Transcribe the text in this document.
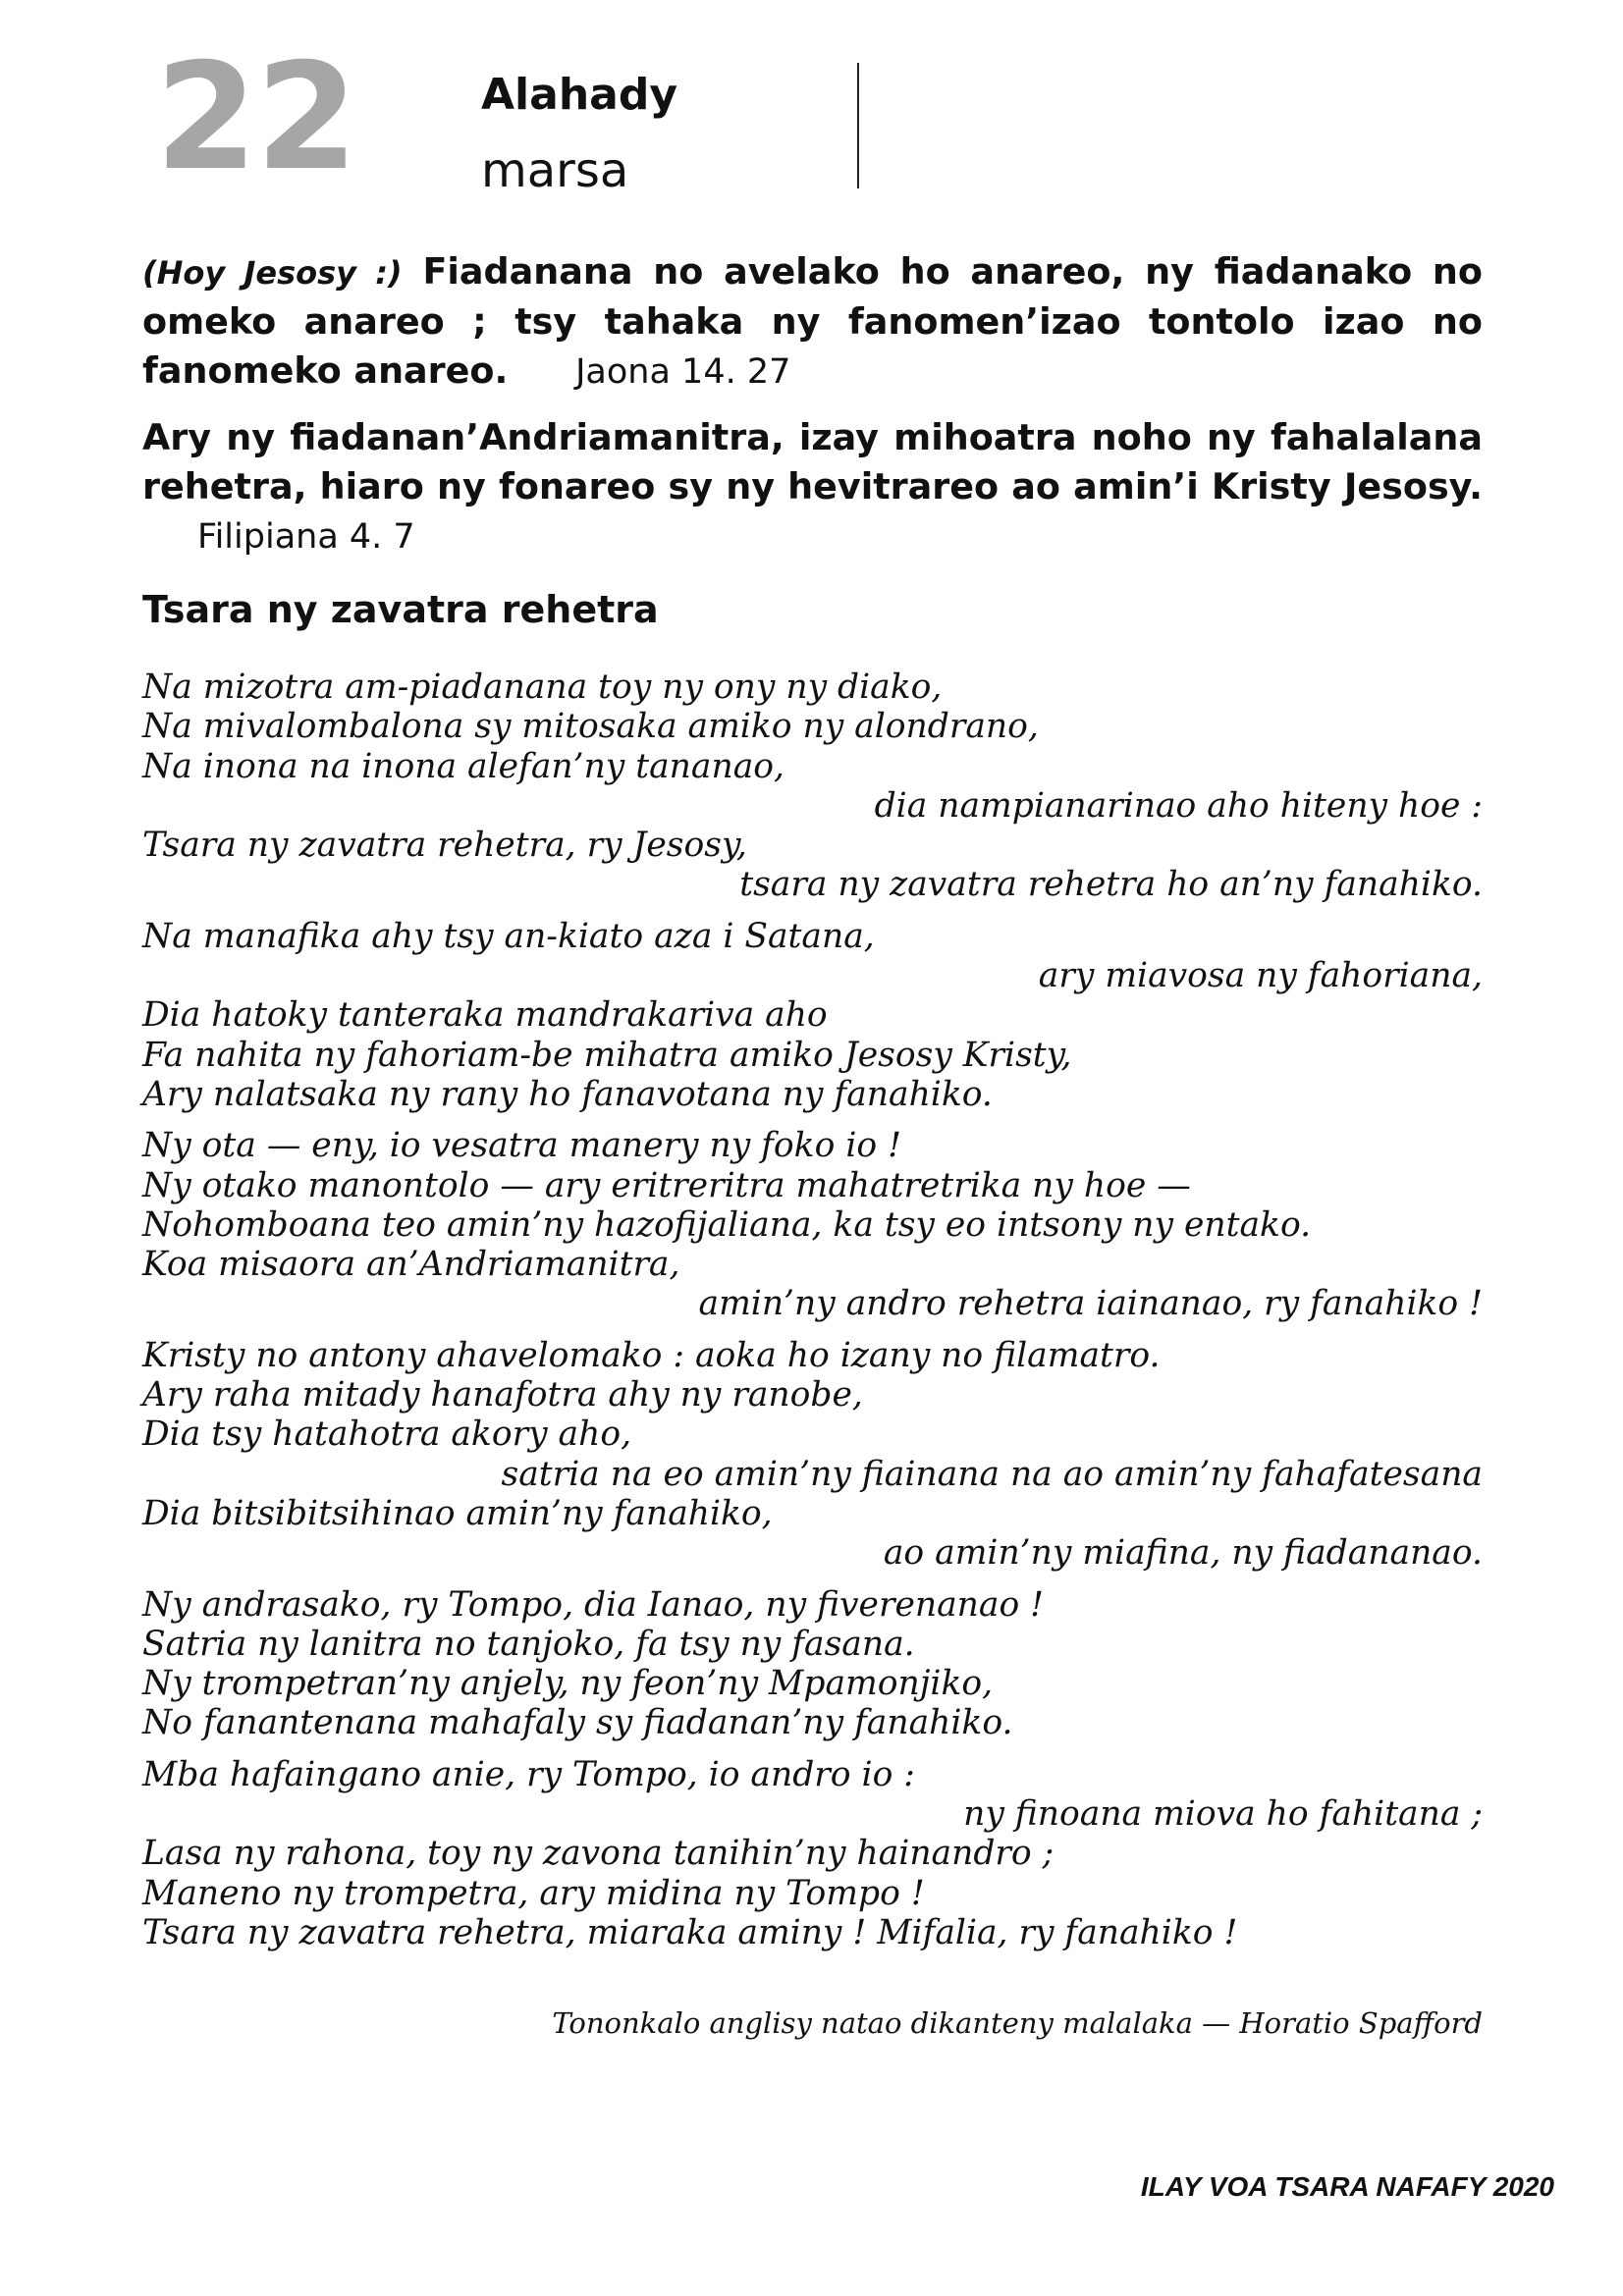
22	Alahady
marsa
(Hoy Jesosy :) Fiadanana no avelako ho anareo, ny fiadanako no omeko anareo ; tsy tahaka ny fanomen’izao tontolo izao no fanomeko anareo. Jaona 14. 27
Ary ny fiadanan’Andriamanitra, izay mihoatra noho ny fahalalana rehetra, hiaro ny fonareo sy ny hevitrareo ao amin’i Kristy Jesosy. Filipiana 4. 7
Tsara ny zavatra rehetra
Na mizotra am-piadanana toy ny ony ny diako,
Na mivalombalona sy mitosaka amiko ny alondrano,
Na inona na inona alefan’ny tananao,
dia nampianarinao aho hiteny hoe :
Tsara ny zavatra rehetra, ry Jesosy,
tsara ny zavatra rehetra ho an’ny fanahiko.
Na manafika ahy tsy an-kiato aza i Satana,
ary miavosa ny fahoriana,
Dia hatoky tanteraka mandrakariva aho
Fa nahita ny fahoriam-be mihatra amiko Jesosy Kristy,
Ary nalatsaka ny rany ho fanavotana ny fanahiko.
Ny ota — eny, io vesatra manery ny foko io !
Ny otako manontolo — ary eritreritra mahatretrika ny hoe —
Nohomboana teo amin’ny hazofijaliana, ka tsy eo intsony ny entako.
Koa misaora an’Andriamanitra,
amin’ny andro rehetra iainanao, ry fanahiko !
Kristy no antony ahavelomako : aoka ho izany no filamatro.
Ary raha mitady hanafotra ahy ny ranobe,
Dia tsy hatahotra akory aho,
satria na eo amin’ny fiainana na ao amin’ny fahafatesana
Dia bitsibitsihinao amin’ny fanahiko,
ao amin’ny miafina, ny fiadananao.
Ny andrasako, ry Tompo, dia Ianao, ny fiverenanao !
Satria ny lanitra no tanjoko, fa tsy ny fasana.
Ny trompetran’ny anjely, ny feon’ny Mpamonjiko,
No fanantenana mahafaly sy fiadanan’ny fanahiko.
Mba hafaingano anie, ry Tompo, io andro io :
ny finoana miova ho fahitana ;
Lasa ny rahona, toy ny zavona tanihin’ny hainandro ;
Maneno ny trompetra, ary midina ny Tompo !
Tsara ny zavatra rehetra, miaraka aminy ! Mifalia, ry fanahiko !
Tononkalo anglisy natao dikanteny malalaka — Horatio Spafford
ILAY VOA TSARA NAFAFY 2020
